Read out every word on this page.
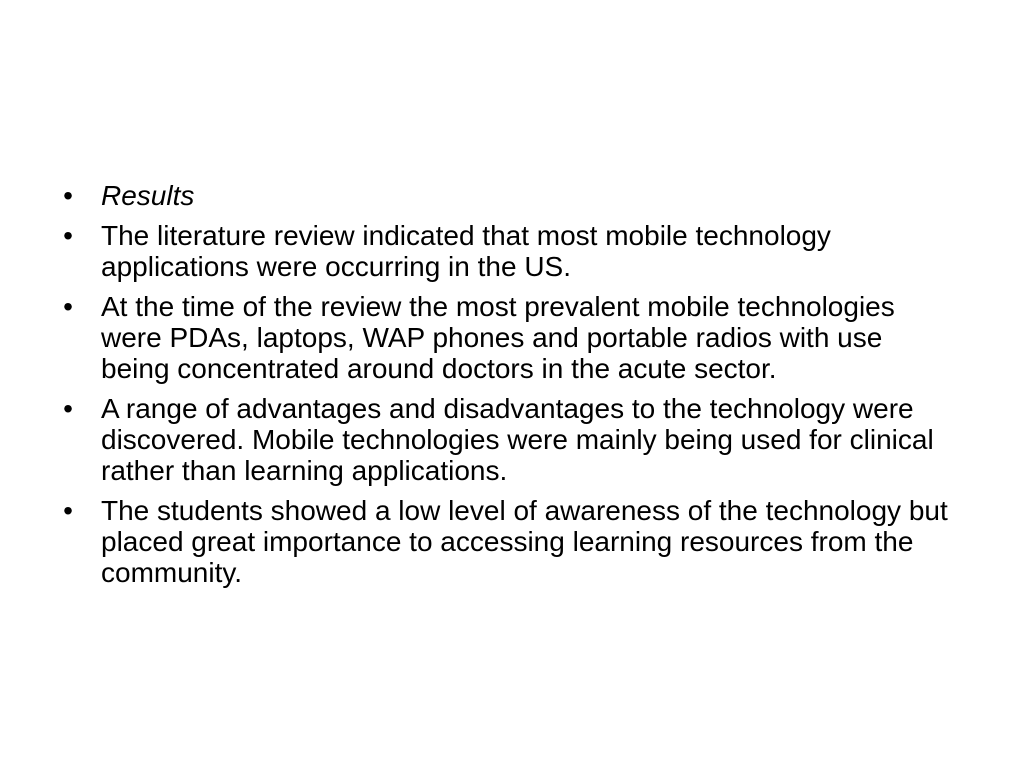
• Results
• The literature review indicated that most mobile technology applications were occurring in the US.
• At the time of the review the most prevalent mobile technologies were PDAs, laptops, WAP phones and portable radios with use being concentrated around doctors in the acute sector.
• A range of advantages and disadvantages to the technology were discovered. Mobile technologies were mainly being used for clinical rather than learning applications.
• The students showed a low level of awareness of the technology but placed great importance to accessing learning resources from the community.
